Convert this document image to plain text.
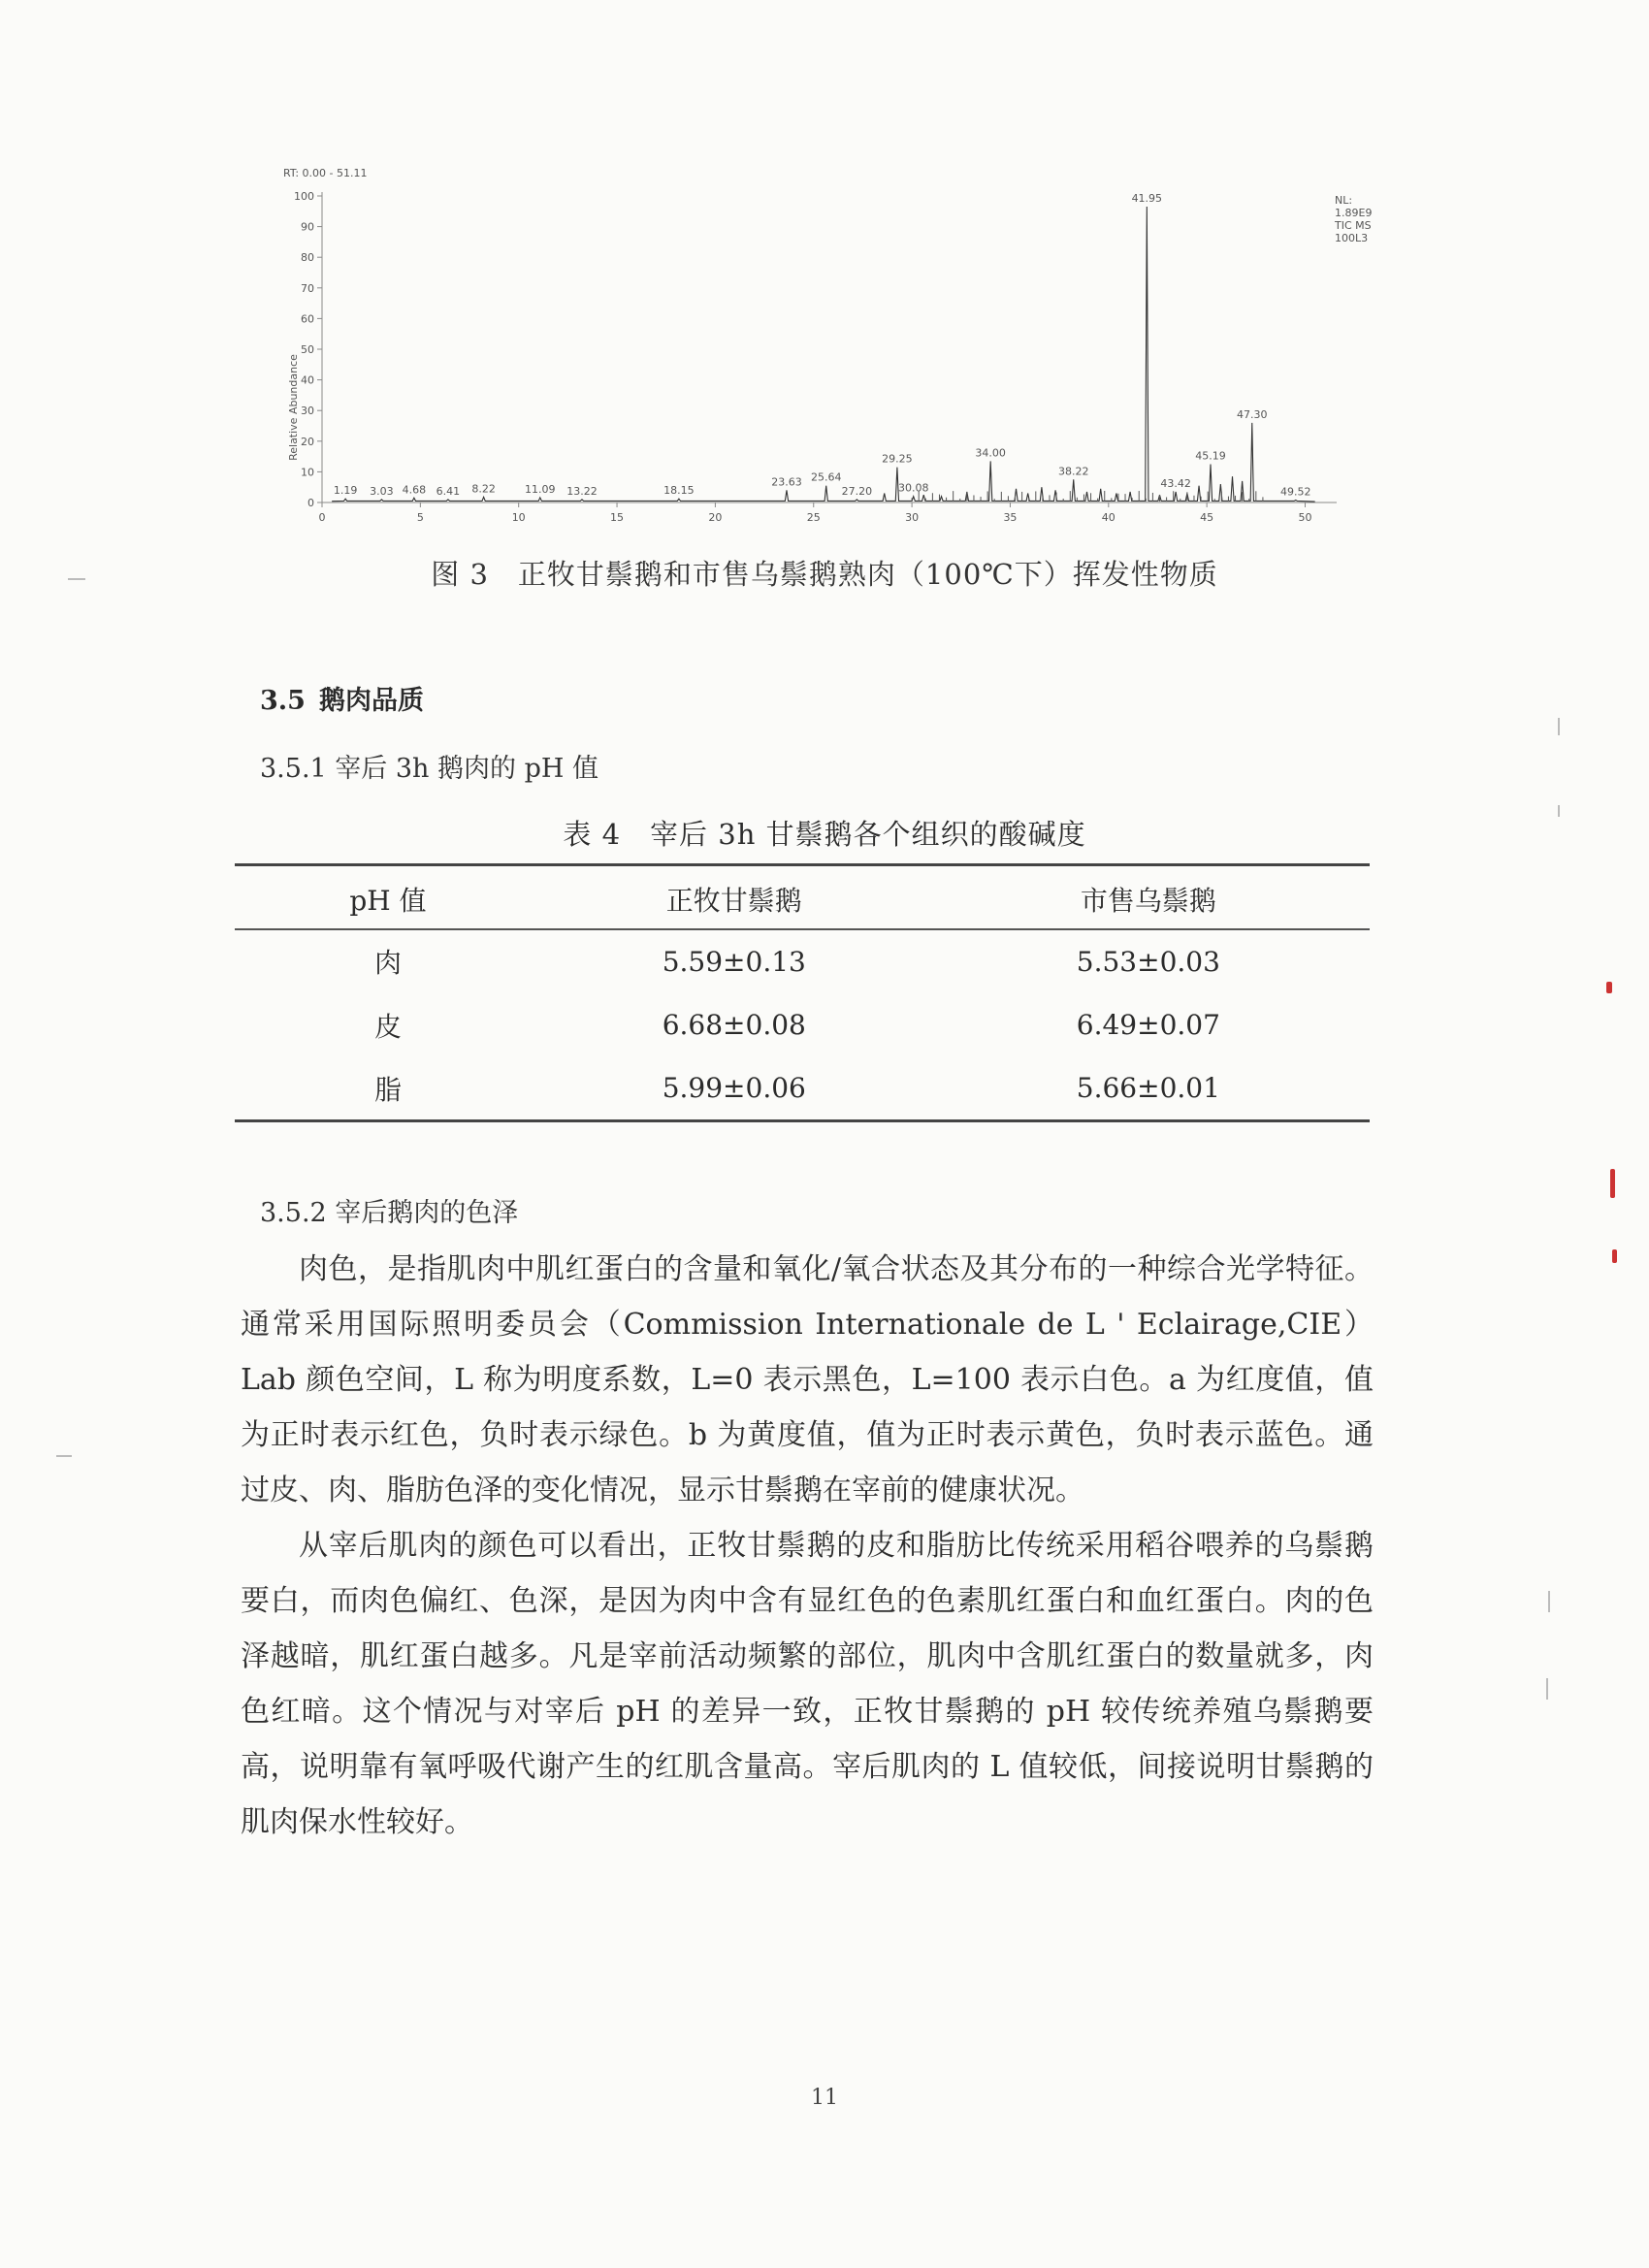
RT: 0.00 - 51.11
Relative Abundance
NL:
1.89E9
TIC MS
100L3
0
10
20
30
40
50
60
70
80
90
100
0	5	10	15	20	25	30	35	40	45	50
1.19 3.03 4.68 6.41 8.22	11.09 13.22	18.15
23.63 25.64
27.20
29.25
30.08
34.00
38.22
41.95
43.42
45.19
47.30
49.52
图 3　正牧甘鬃鹅和市售乌鬃鹅熟肉（100℃下）挥发性物质
3.5 鹅肉品质
3.5.1 宰后 3h 鹅肉的 pH 值
表 4　宰后 3h 甘鬃鹅各个组织的酸碱度
pH 值	正牧甘鬃鹅	市售乌鬃鹅
肉	5.59±0.13	5.53±0.03
皮	6.68±0.08	6.49±0.07
脂	5.99±0.06	5.66±0.01
3.5.2 宰后鹅肉的色泽

肉色，是指肌肉中肌红蛋白的含量和氧化/氧合状态及其分布的一种综合光学特征。通常采用国际照明委员会（Commission Internationale de L ' Eclairage,CIE）Lab 颜色空间，L 称为明度系数，L=0 表示黑色，L=100 表示白色。a 为红度值，值为正时表示红色，负时表示绿色。b 为黄度值，值为正时表示黄色，负时表示蓝色。通过皮、肉、脂肪色泽的变化情况，显示甘鬃鹅在宰前的健康状况。

从宰后肌肉的颜色可以看出，正牧甘鬃鹅的皮和脂肪比传统采用稻谷喂养的乌鬃鹅要白，而肉色偏红、色深，是因为肉中含有显红色的色素肌红蛋白和血红蛋白。肉的色泽越暗，肌红蛋白越多。凡是宰前活动频繁的部位，肌肉中含肌红蛋白的数量就多，肉色红暗。这个情况与对宰后 pH 的差异一致，正牧甘鬃鹅的 pH 较传统养殖乌鬃鹅要高，说明靠有氧呼吸代谢产生的红肌含量高。宰后肌肉的 L 值较低，间接说明甘鬃鹅的肌肉保水性较好。

11
